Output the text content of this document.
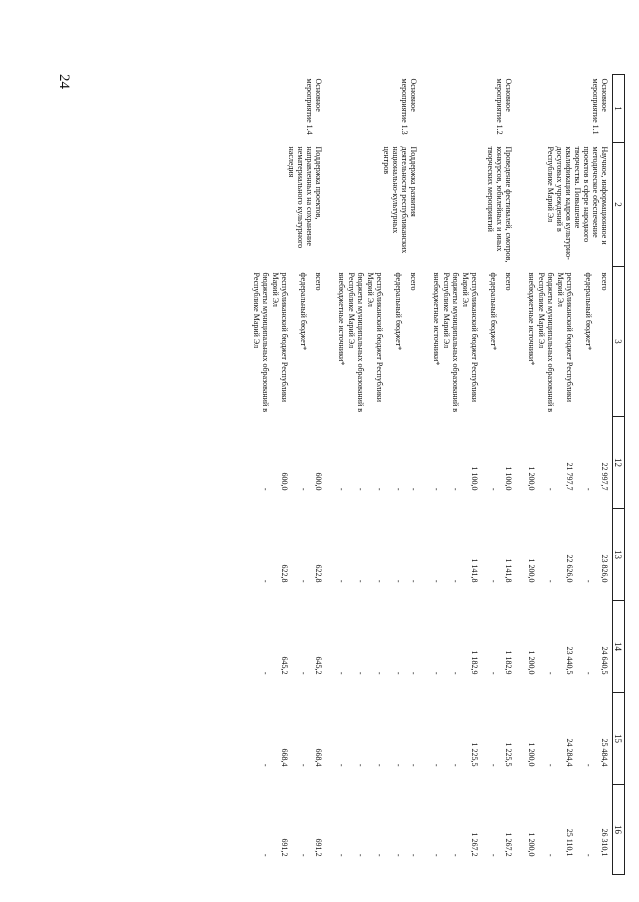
24
1	2	3	12	13	14	15	16
Основное мероприятие 1.1	Научное, информационное и методическое обеспечение проектов в сфере народного творчества. Повышение квалификации кадров культурно-досуговых учреждений в Республике Марий Эл	всего	22 997,7	23 826,0	24 640,5	25 484,4	26 310,1
		федеральный бюджет*	-	-	-	-	-
		республиканский бюджет Республики Марий Эл	21 797,7	22 626,0	23 440,5	24 284,4	25 110,1
		бюджеты муниципальных образований в Республике Марий Эл	-	-	-	-	-
		внебюджетные источники*	1 200,0	1 200,0	1 200,0	1 200,0	1 200,0
Основное мероприятие 1.2	Проведение фестивалей, смотров, конкурсов, юбилейных и иных творческих мероприятий	всего	1 100,0	1 141,8	1 182,9	1 225,5	1 267,2
		федеральный бюджет*	-	-	-	-	-
		республиканский бюджет Республики Марий Эл	1 100,0	1 141,8	1 182,9	1 225,5	1 267,2
		бюджеты муниципальных образований в Республике Марий Эл	-	-	-	-	-
		внебюджетные источники*	-	-	-	-	-
Основное мероприятие 1.3	Поддержка развития деятельности республиканских национально-культурных центров	всего	-	-	-	-	-
		федеральный бюджет*	-	-	-	-	-
		республиканский бюджет Республики Марий Эл	-	-	-	-	-
		бюджеты муниципальных образований в Республике Марий Эл	-	-	-	-	-
		внебюджетные источники*	-	-	-	-	-
Основное мероприятие 1.4	Поддержка проектов, направленных на сохранение нематериального культурного наследия	всего	600,0	622,8	645,2	668,4	691,2
		федеральный бюджет*	-	-	-	-	-
		республиканский бюджет Республики Марий Эл	600,0	622,8	645,2	668,4	691,2
		бюджеты муниципальных образований в Республике Марий Эл	-	-	-	-	-
